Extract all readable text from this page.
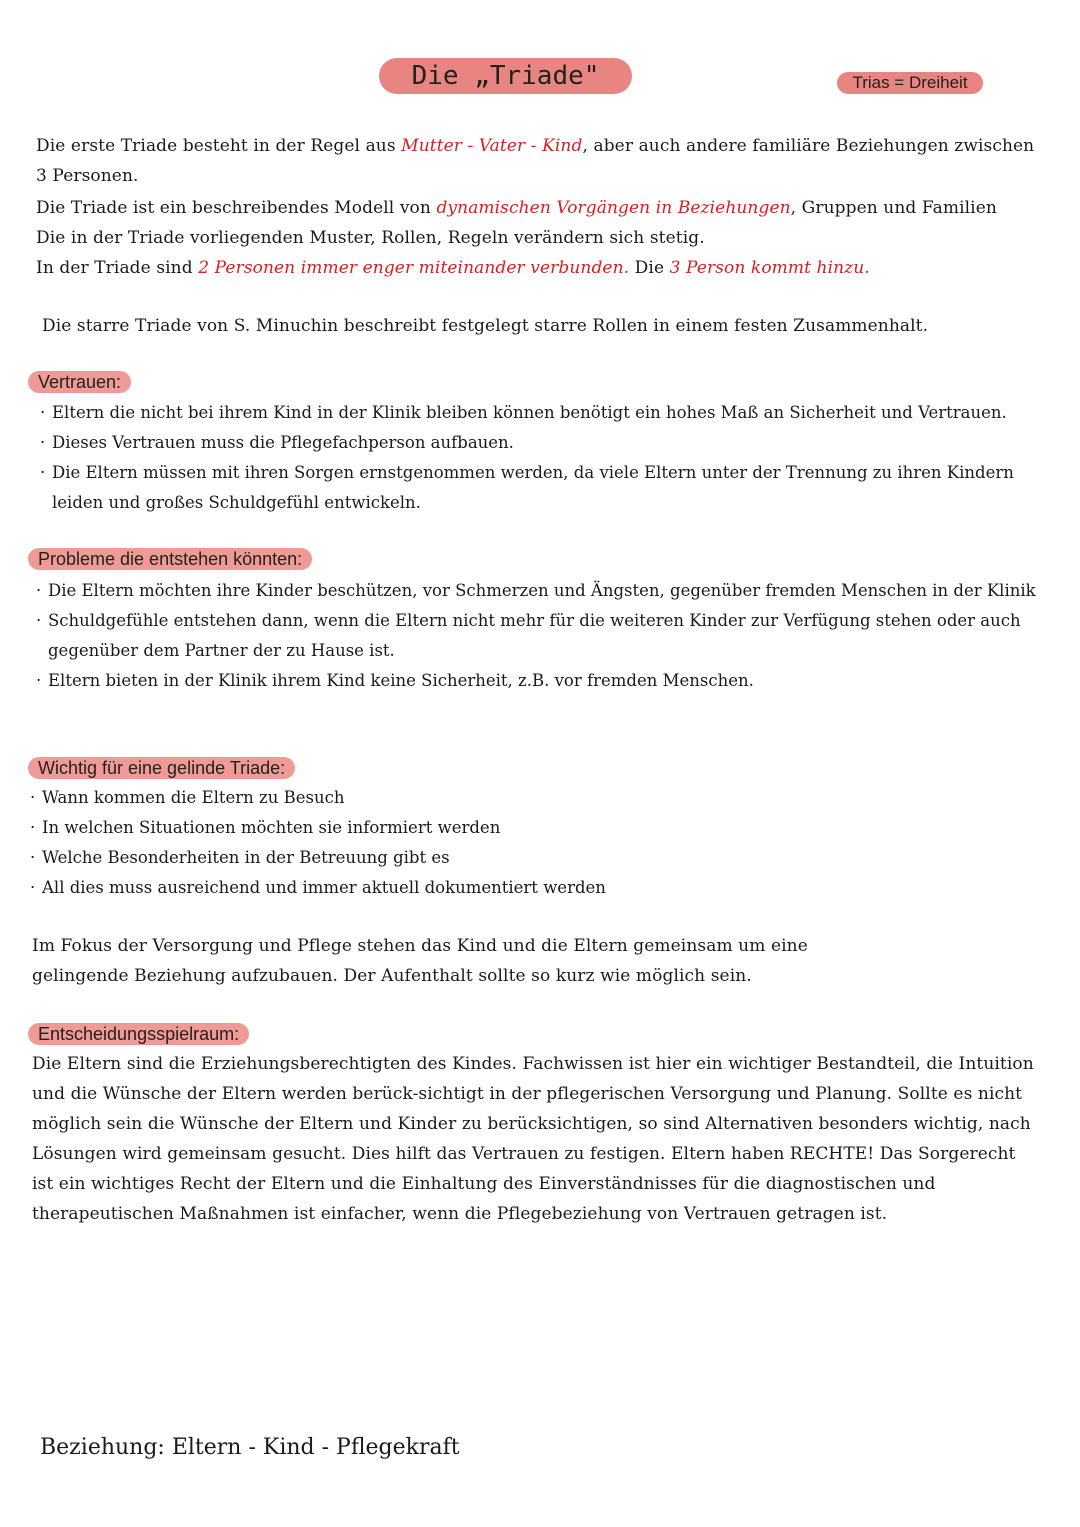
Die „Triade"	Trias = Dreiheit
Die erste Triade besteht in der Regel aus Mutter - Vater - Kind, aber auch andere familiäre Beziehungen zwischen 3 Personen.
Die Triade ist ein beschreibendes Modell von dynamischen Vorgängen in Beziehungen, Gruppen und Familien
Die in der Triade vorliegenden Muster, Rollen, Regeln verändern sich stetig.
In der Triade sind 2 Personen immer enger miteinander verbunden. Die 3 Person kommt hinzu.
Die starre Triade von S. Minuchin beschreibt festgelegt starre Rollen in einem festen Zusammenhalt.
Vertrauen:
· Eltern die nicht bei ihrem Kind in der Klinik bleiben können benötigt ein hohes Maß an Sicherheit und Vertrauen.
· Dieses Vertrauen muss die Pflegefachperson aufbauen.
· Die Eltern müssen mit ihren Sorgen ernstgenommen werden, da viele Eltern unter der Trennung zu ihren Kindern leiden und großes Schuldgefühl entwickeln.
Probleme die entstehen könnten:
· Die Eltern möchten ihre Kinder beschützen, vor Schmerzen und Ängsten, gegenüber fremden Menschen in der Klinik
· Schuldgefühle entstehen dann, wenn die Eltern nicht mehr für die weiteren Kinder zur Verfügung stehen oder auch gegenüber dem Partner der zu Hause ist.
· Eltern bieten in der Klinik ihrem Kind keine Sicherheit, z.B. vor fremden Menschen.
Wichtig für eine gelinde Triade:
· Wann kommen die Eltern zu Besuch
· In welchen Situationen möchten sie informiert werden
· Welche Besonderheiten in der Betreuung gibt es
· All dies muss ausreichend und immer aktuell dokumentiert werden
Im Fokus der Versorgung und Pflege stehen das Kind und die Eltern gemeinsam um eine gelingende Beziehung aufzubauen. Der Aufenthalt sollte so kurz wie möglich sein.
Entscheidungsspielraum:
Die Eltern sind die Erziehungsberechtigten des Kindes. Fachwissen ist hier ein wichtiger Bestandteil, die Intuition und die Wünsche der Eltern werden berück-sichtigt in der pflegerischen Versorgung und Planung. Sollte es nicht möglich sein die Wünsche der Eltern und Kinder zu berücksichtigen, so sind Alternativen besonders wichtig, nach Lösungen wird gemeinsam gesucht. Dies hilft das Vertrauen zu festigen. Eltern haben RECHTE! Das Sorgerecht ist ein wichtiges Recht der Eltern und die Einhaltung des Einverständnisses für die diagnostischen und therapeutischen Maßnahmen ist einfacher, wenn die Pflegebeziehung von Vertrauen getragen ist.
Beziehung: Eltern - Kind - Pflegekraft
